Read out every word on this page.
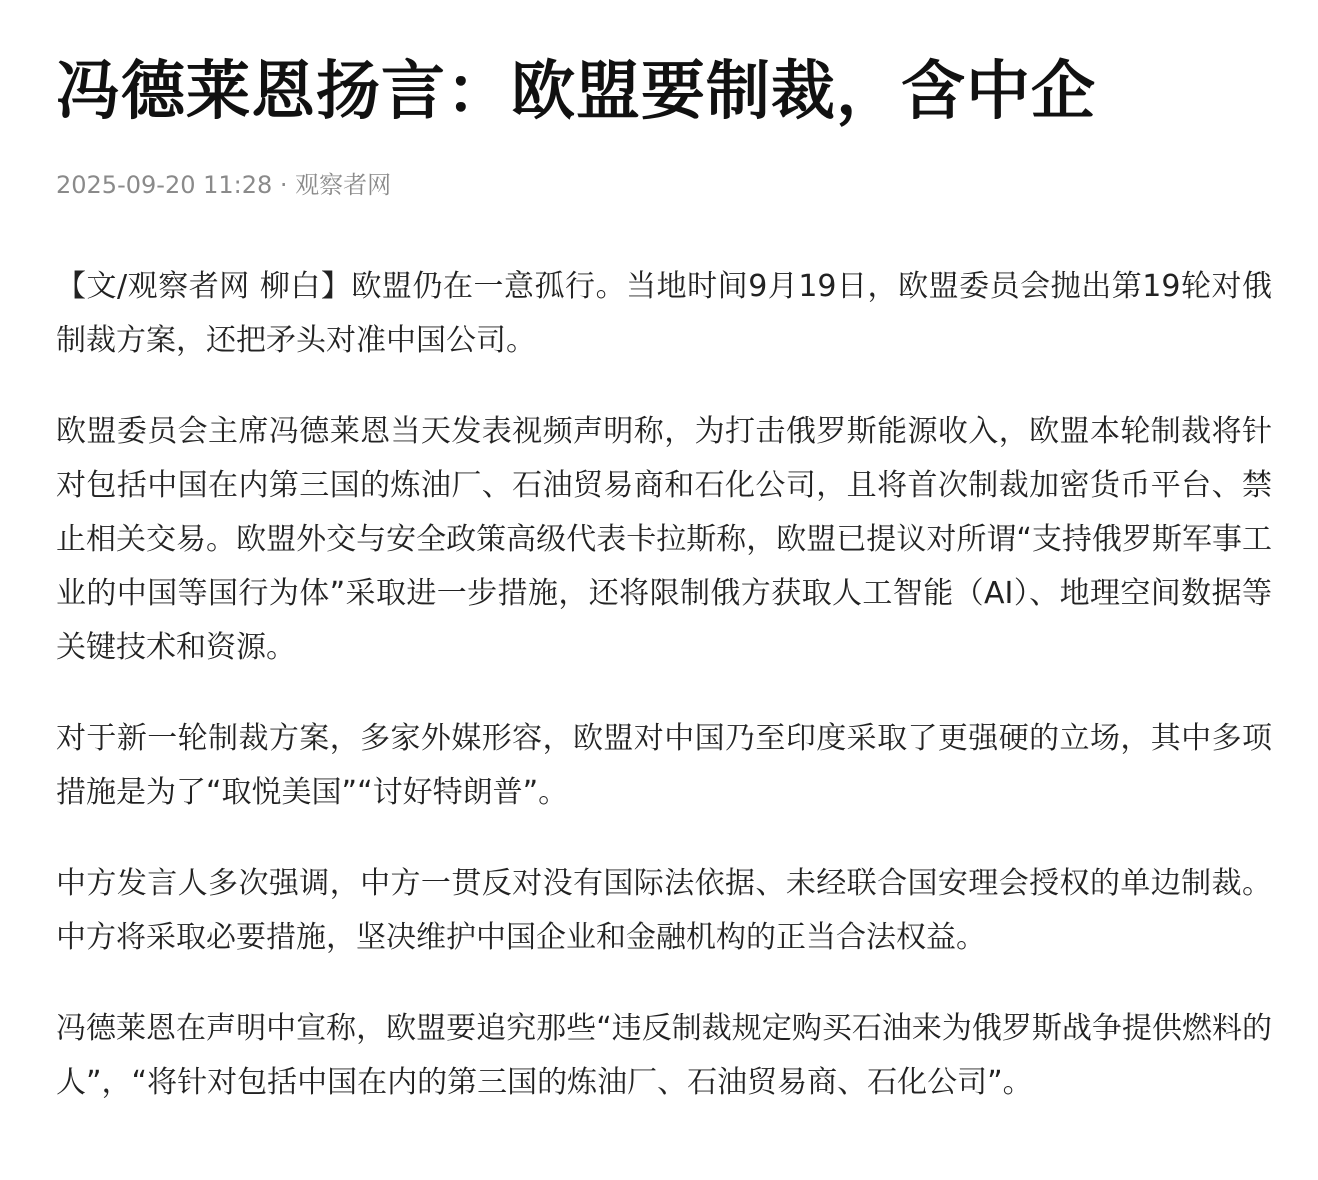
冯德莱恩扬言：欧盟要制裁，含中企
2025-09-20 11:28 · 观察者网

【文/观察者网 柳白】欧盟仍在一意孤行。当地时间9月19日，欧盟委员会抛出第19轮对俄制裁方案，还把矛头对准中国公司。

欧盟委员会主席冯德莱恩当天发表视频声明称，为打击俄罗斯能源收入，欧盟本轮制裁将针对包括中国在内第三国的炼油厂、石油贸易商和石化公司，且将首次制裁加密货币平台、禁止相关交易。欧盟外交与安全政策高级代表卡拉斯称，欧盟已提议对所谓“支持俄罗斯军事工业的中国等国行为体”采取进一步措施，还将限制俄方获取人工智能（AI）、地理空间数据等关键技术和资源。

对于新一轮制裁方案，多家外媒形容，欧盟对中国乃至印度采取了更强硬的立场，其中多项措施是为了“取悦美国”“讨好特朗普”。

中方发言人多次强调，中方一贯反对没有国际法依据、未经联合国安理会授权的单边制裁。中方将采取必要措施，坚决维护中国企业和金融机构的正当合法权益。

冯德莱恩在声明中宣称，欧盟要追究那些“违反制裁规定购买石油来为俄罗斯战争提供燃料的人”，“将针对包括中国在内的第三国的炼油厂、石油贸易商、石化公司”。
